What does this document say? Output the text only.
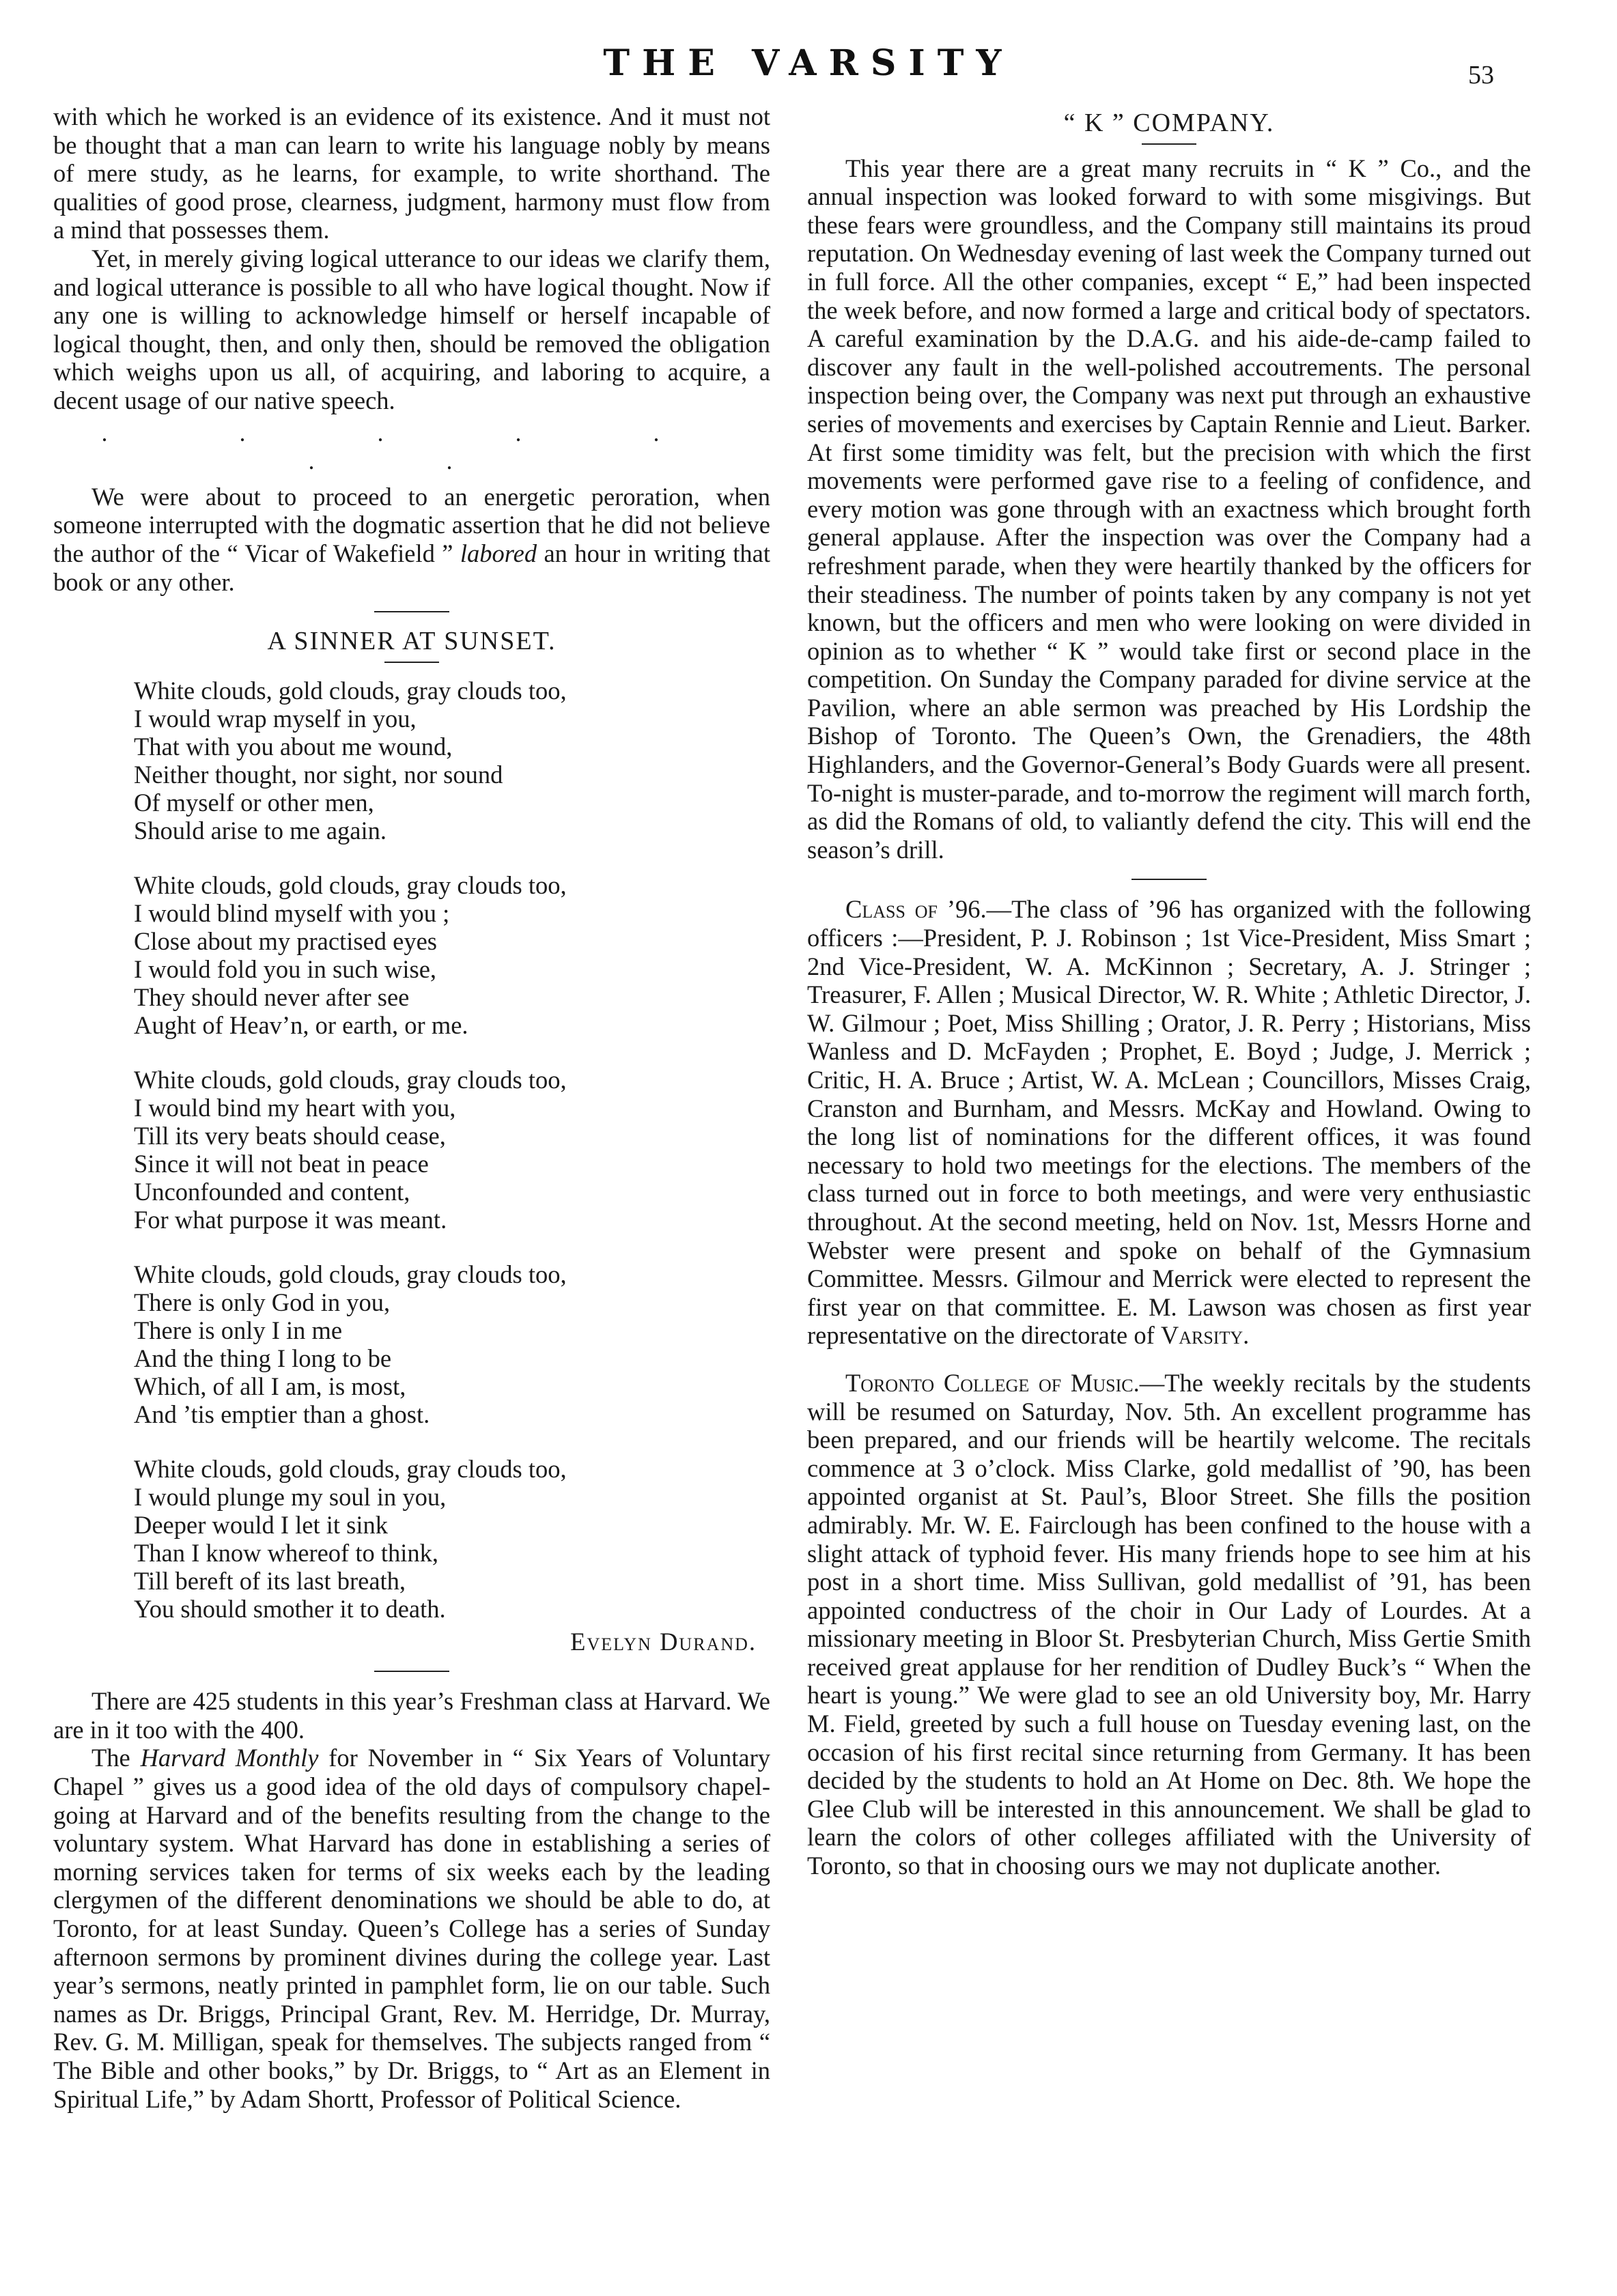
THE VARSITY	53

with which he worked is an evidence of its existence. And it must not be thought that a man can learn to write his language nobly by means of mere study, as he learns, for example, to write shorthand. The qualities of good prose, clearness, judgment, harmony must flow from a mind that possesses them.

Yet, in merely giving logical utterance to our ideas we clarify them, and logical utterance is possible to all who have logical thought. Now if any one is willing to acknowledge himself or herself incapable of logical thought, then, and only then, should be removed the obligation which weighs upon us all, of acquiring, and laboring to acquire, a decent usage of our native speech.

. . . . . . .

We were about to proceed to an energetic peroration, when someone interrupted with the dogmatic assertion that he did not believe the author of the “ Vicar of Wakefield ” labored an hour in writing that book or any other.

A SINNER AT SUNSET.
White clouds, gold clouds, gray clouds too,
I would wrap myself in you,
That with you about me wound,
Neither thought, nor sight, nor sound
Of myself or other men,
Should arise to me again.
White clouds, gold clouds, gray clouds too,
I would blind myself with you ;
Close about my practised eyes
I would fold you in such wise,
They should never after see
Aught of Heav’n, or earth, or me.
White clouds, gold clouds, gray clouds too,
I would bind my heart with you,
Till its very beats should cease,
Since it will not beat in peace
Unconfounded and content,
For what purpose it was meant.
White clouds, gold clouds, gray clouds too,
There is only God in you,
There is only I in me
And the thing I long to be
Which, of all I am, is most,
And ’tis emptier than a ghost.
White clouds, gold clouds, gray clouds too,
I would plunge my soul in you,
Deeper would I let it sink
Than I know whereof to think,
Till bereft of its last breath,
You should smother it to death.
Evelyn Durand.

There are 425 students in this year’s Freshman class at Harvard. We are in it too with the 400.

The Harvard Monthly for November in “ Six Years of Voluntary Chapel ” gives us a good idea of the old days of compulsory chapel-going at Harvard and of the benefits resulting from the change to the voluntary system. What Harvard has done in establishing a series of morning services taken for terms of six weeks each by the leading clergymen of the different denominations we should be able to do, at Toronto, for at least Sunday. Queen’s College has a series of Sunday afternoon sermons by prominent divines during the college year. Last year’s sermons, neatly printed in pamphlet form, lie on our table. Such names as Dr. Briggs, Principal Grant, Rev. M. Herridge, Dr. Murray, Rev. G. M. Milligan, speak for themselves. The subjects ranged from “ The Bible and other books,” by Dr. Briggs, to “ Art as an Element in Spiritual Life,” by Adam Shortt, Professor of Political Science.

“ K ” COMPANY.

This year there are a great many recruits in “ K ” Co., and the annual inspection was looked forward to with some misgivings. But these fears were groundless, and the Company still maintains its proud reputation. On Wednesday evening of last week the Company turned out in full force. All the other companies, except “ E,” had been inspected the week before, and now formed a large and critical body of spectators. A careful examination by the D.A.G. and his aide-de-camp failed to discover any fault in the well-polished accoutrements. The personal inspection being over, the Company was next put through an exhaustive series of movements and exercises by Captain Rennie and Lieut. Barker. At first some timidity was felt, but the precision with which the first movements were performed gave rise to a feeling of confidence, and every motion was gone through with an exactness which brought forth general applause. After the inspection was over the Company had a refreshment parade, when they were heartily thanked by the officers for their steadiness. The number of points taken by any company is not yet known, but the officers and men who were looking on were divided in opinion as to whether “ K ” would take first or second place in the competition. On Sunday the Company paraded for divine service at the Pavilion, where an able sermon was preached by His Lordship the Bishop of Toronto. The Queen’s Own, the Grenadiers, the 48th Highlanders, and the Governor-General’s Body Guards were all present. To-night is muster-parade, and to-morrow the regiment will march forth, as did the Romans of old, to valiantly defend the city. This will end the season’s drill.

Class of ’96.—The class of ’96 has organized with the following officers :—President, P. J. Robinson ; 1st Vice-President, Miss Smart ; 2nd Vice-President, W. A. McKinnon ; Secretary, A. J. Stringer ; Treasurer, F. Allen ; Musical Director, W. R. White ; Athletic Director, J. W. Gilmour ; Poet, Miss Shilling ; Orator, J. R. Perry ; Historians, Miss Wanless and D. McFayden ; Prophet, E. Boyd ; Judge, J. Merrick ; Critic, H. A. Bruce ; Artist, W. A. McLean ; Councillors, Misses Craig, Cranston and Burnham, and Messrs. McKay and Howland. Owing to the long list of nominations for the different offices, it was found necessary to hold two meetings for the elections. The members of the class turned out in force to both meetings, and were very enthusiastic throughout. At the second meeting, held on Nov. 1st, Messrs Horne and Webster were present and spoke on behalf of the Gymnasium Committee. Messrs. Gilmour and Merrick were elected to represent the first year on that committee. E. M. Lawson was chosen as first year representative on the directorate of Varsity.

Toronto College of Music.—The weekly recitals by the students will be resumed on Saturday, Nov. 5th. An excellent programme has been prepared, and our friends will be heartily welcome. The recitals commence at 3 o’clock. Miss Clarke, gold medallist of ’90, has been appointed organist at St. Paul’s, Bloor Street. She fills the position admirably. Mr. W. E. Fairclough has been confined to the house with a slight attack of typhoid fever. His many friends hope to see him at his post in a short time. Miss Sullivan, gold medallist of ’91, has been appointed conductress of the choir in Our Lady of Lourdes. At a missionary meeting in Bloor St. Presbyterian Church, Miss Gertie Smith received great applause for her rendition of Dudley Buck’s “ When the heart is young.” We were glad to see an old University boy, Mr. Harry M. Field, greeted by such a full house on Tuesday evening last, on the occasion of his first recital since returning from Germany. It has been decided by the students to hold an At Home on Dec. 8th. We hope the Glee Club will be interested in this announcement. We shall be glad to learn the colors of other colleges affiliated with the University of Toronto, so that in choosing ours we may not duplicate another.
